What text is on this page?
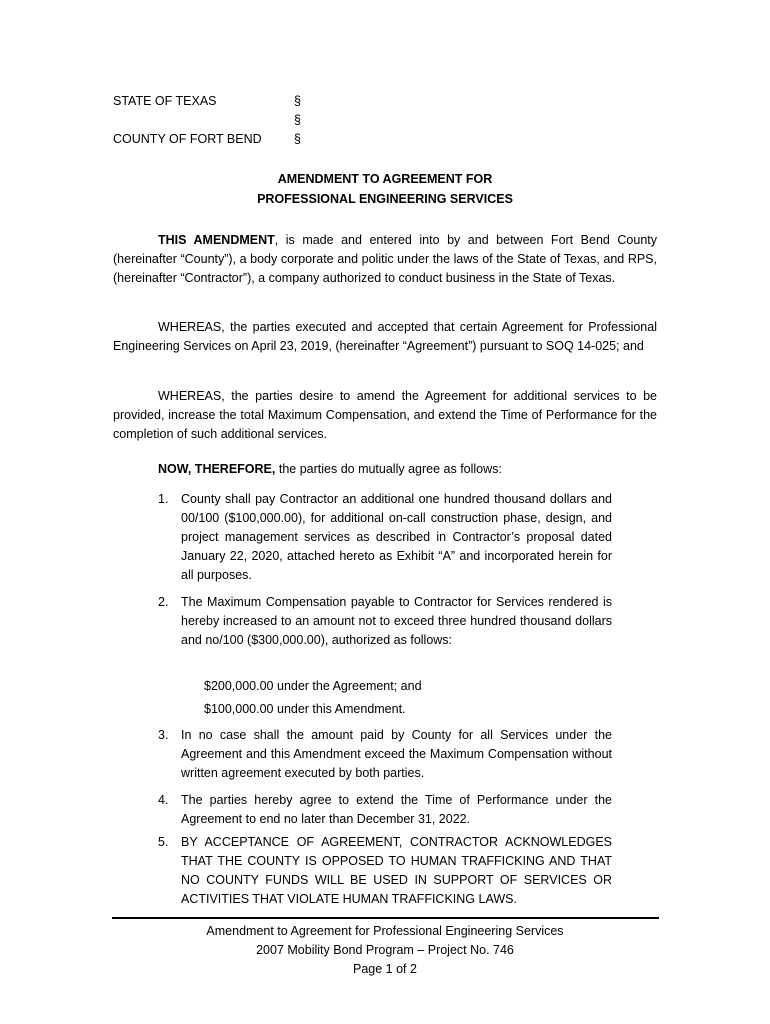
STATE OF TEXAS	§
§
COUNTY OF FORT BEND	§
AMENDMENT TO AGREEMENT FOR
PROFESSIONAL ENGINEERING SERVICES
THIS AMENDMENT, is made and entered into by and between Fort Bend County (hereinafter “County”), a body corporate and politic under the laws of the State of Texas, and RPS, (hereinafter “Contractor”), a company authorized to conduct business in the State of Texas.
WHEREAS, the parties executed and accepted that certain Agreement for Professional Engineering Services on April 23, 2019, (hereinafter “Agreement”) pursuant to SOQ 14-025; and
WHEREAS, the parties desire to amend the Agreement for additional services to be provided, increase the total Maximum Compensation, and extend the Time of Performance for the completion of such additional services.
NOW, THEREFORE, the parties do mutually agree as follows:
1. County shall pay Contractor an additional one hundred thousand dollars and 00/100 ($100,000.00), for additional on-call construction phase, design, and project management services as described in Contractor’s proposal dated January 22, 2020, attached hereto as Exhibit “A” and incorporated herein for all purposes.
2. The Maximum Compensation payable to Contractor for Services rendered is hereby increased to an amount not to exceed three hundred thousand dollars and no/100 ($300,000.00), authorized as follows:
$200,000.00 under the Agreement; and
$100,000.00 under this Amendment.
3. In no case shall the amount paid by County for all Services under the Agreement and this Amendment exceed the Maximum Compensation without written agreement executed by both parties.
4. The parties hereby agree to extend the Time of Performance under the Agreement to end no later than December 31, 2022.
5. BY ACCEPTANCE OF AGREEMENT, CONTRACTOR ACKNOWLEDGES THAT THE COUNTY IS OPPOSED TO HUMAN TRAFFICKING AND THAT NO COUNTY FUNDS WILL BE USED IN SUPPORT OF SERVICES OR ACTIVITIES THAT VIOLATE HUMAN TRAFFICKING LAWS.
Amendment to Agreement for Professional Engineering Services
2007 Mobility Bond Program – Project No. 746
Page 1 of 2
